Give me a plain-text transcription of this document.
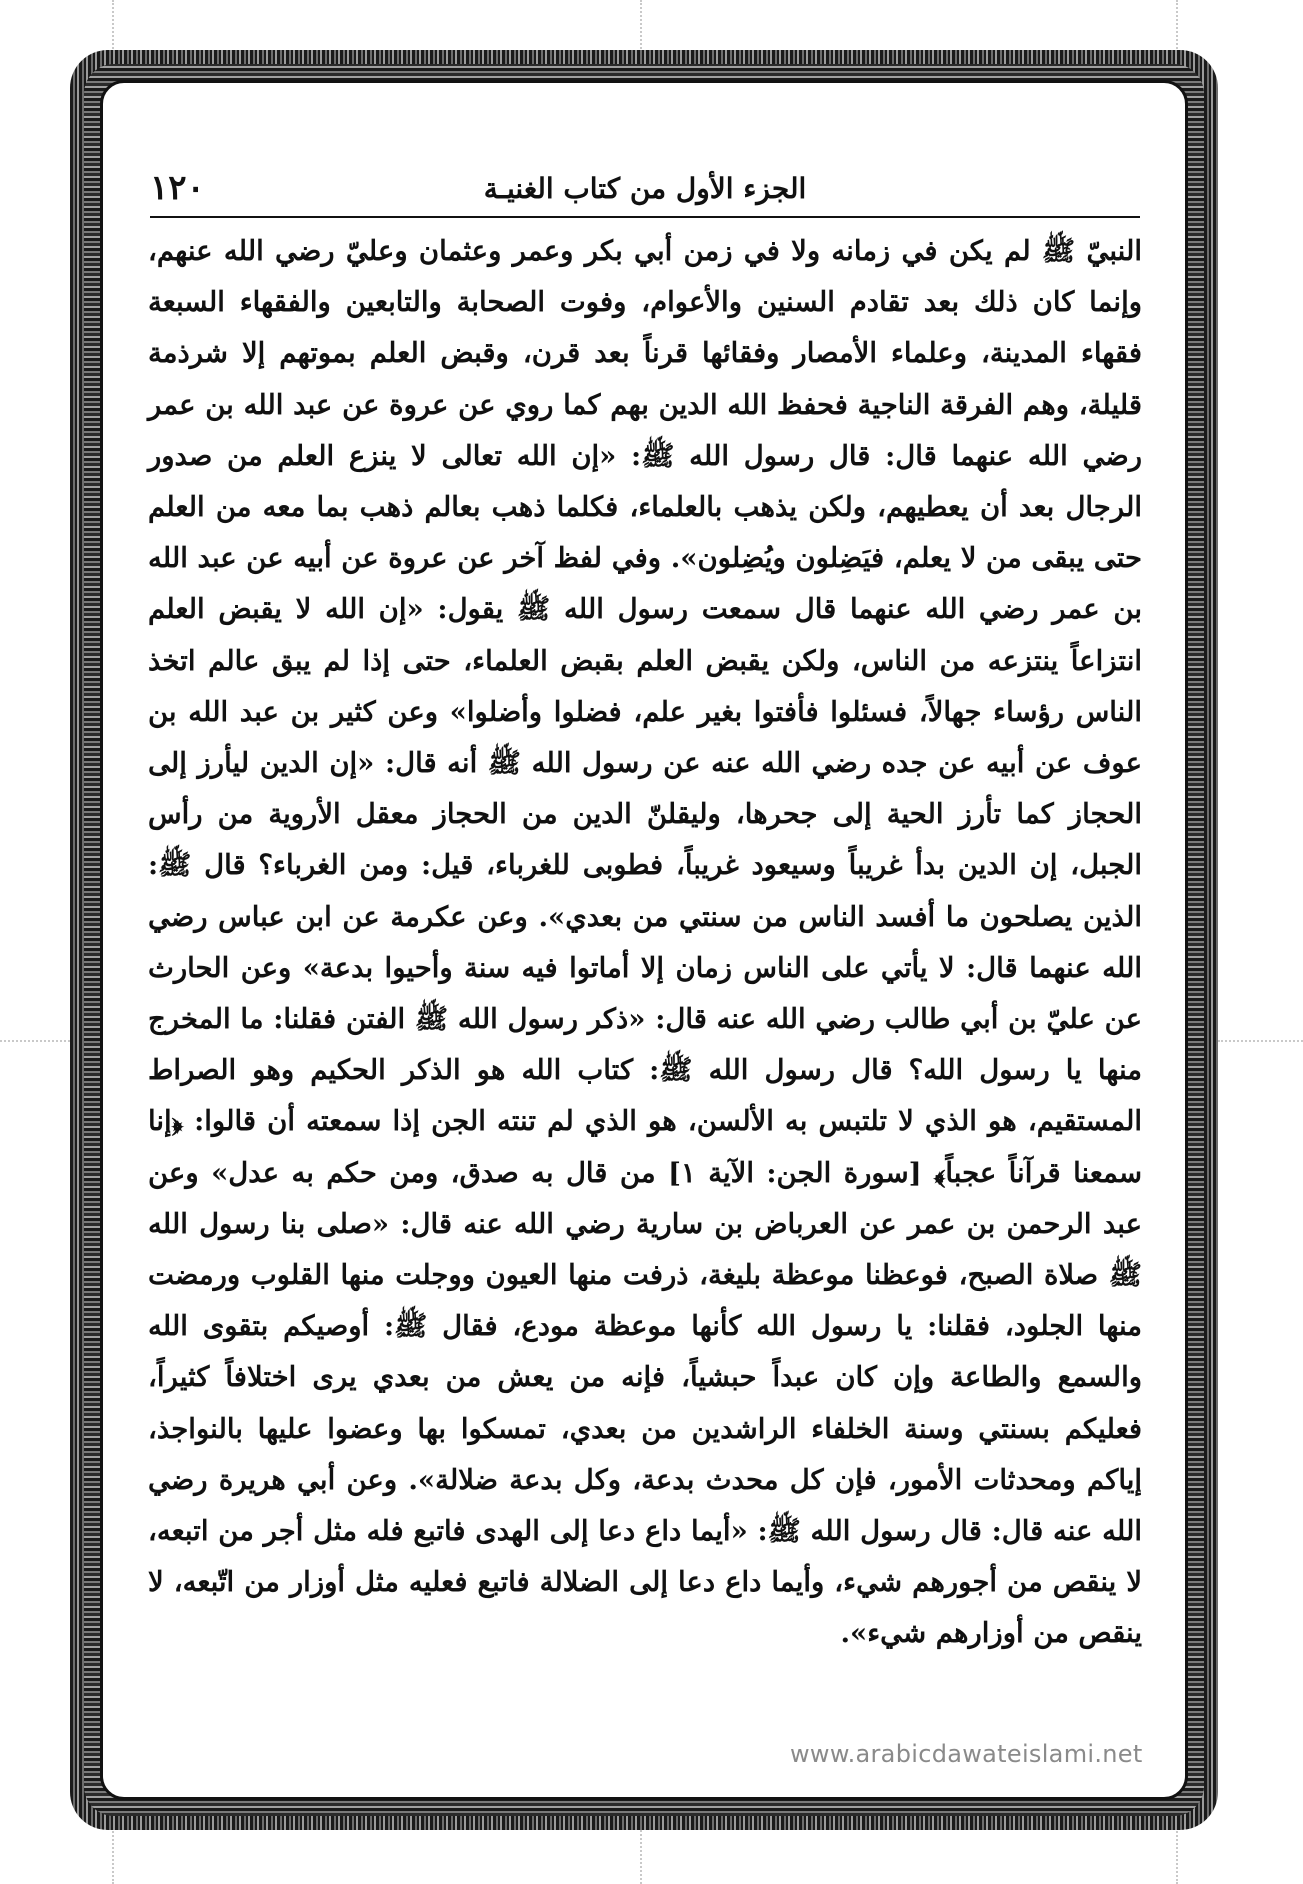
١٢٠	الجزء الأول من كتاب الغنيـة

النبيّ ﷺ لم يكن في زمانه ولا في زمن أبي بكر وعمر وعثمان وعليّ رضي الله عنهم، وإنما كان ذلك بعد تقادم السنين والأعوام، وفوت الصحابة والتابعين والفقهاء السبعة فقهاء المدينة، وعلماء الأمصار وفقائها قرناً بعد قرن، وقبض العلم بموتهم إلا شرذمة قليلة، وهم الفرقة الناجية فحفظ الله الدين بهم كما روي عن عروة عن عبد الله بن عمر رضي الله عنهما قال: قال رسول الله ﷺ: «إن الله تعالى لا ينزع العلم من صدور الرجال بعد أن يعطيهم، ولكن يذهب بالعلماء، فكلما ذهب بعالم ذهب بما معه من العلم حتى يبقى من لا يعلم، فيَضِلون ويُضِلون». وفي لفظ آخر عن عروة عن أبيه عن عبد الله بن عمر رضي الله عنهما قال سمعت رسول الله ﷺ يقول: «إن الله لا يقبض العلم انتزاعاً ينتزعه من الناس، ولكن يقبض العلم بقبض العلماء، حتى إذا لم يبق عالم اتخذ الناس رؤساء جهالاً، فسئلوا فأفتوا بغير علم، فضلوا وأضلوا» وعن كثير بن عبد الله بن عوف عن أبيه عن جده رضي الله عنه عن رسول الله ﷺ أنه قال: «إن الدين ليأرز إلى الحجاز كما تأرز الحية إلى جحرها، وليقلنّ الدين من الحجاز معقل الأروية من رأس الجبل، إن الدين بدأ غريباً وسيعود غريباً، فطوبى للغرباء، قيل: ومن الغرباء؟ قال ﷺ: الذين يصلحون ما أفسد الناس من سنتي من بعدي». وعن عكرمة عن ابن عباس رضي الله عنهما قال: لا يأتي على الناس زمان إلا أماتوا فيه سنة وأحيوا بدعة» وعن الحارث عن عليّ بن أبي طالب رضي الله عنه قال: «ذكر رسول الله ﷺ الفتن فقلنا: ما المخرج منها يا رسول الله؟ قال رسول الله ﷺ: كتاب الله هو الذكر الحكيم وهو الصراط المستقيم، هو الذي لا تلتبس به الألسن، هو الذي لم تنته الجن إذا سمعته أن قالوا: ﴿إنا سمعنا قرآناً عجباً﴾ [سورة الجن: الآية ١] من قال به صدق، ومن حكم به عدل» وعن عبد الرحمن بن عمر عن العرباض بن سارية رضي الله عنه قال: «صلى بنا رسول الله ﷺ صلاة الصبح، فوعظنا موعظة بليغة، ذرفت منها العيون ووجلت منها القلوب ورمضت منها الجلود، فقلنا: يا رسول الله كأنها موعظة مودع، فقال ﷺ: أوصيكم بتقوى الله والسمع والطاعة وإن كان عبداً حبشياً، فإنه من يعش من بعدي يرى اختلافاً كثيراً، فعليكم بسنتي وسنة الخلفاء الراشدين من بعدي، تمسكوا بها وعضوا عليها بالنواجذ، إياكم ومحدثات الأمور، فإن كل محدث بدعة، وكل بدعة ضلالة». وعن أبي هريرة رضي الله عنه قال: قال رسول الله ﷺ: «أيما داع دعا إلى الهدى فاتبع فله مثل أجر من اتبعه، لا ينقص من أجورهم شيء، وأيما داع دعا إلى الضلالة فاتبع فعليه مثل أوزار من اتّبعه، لا ينقص من أوزارهم شيء».

www.arabicdawateislami.net
